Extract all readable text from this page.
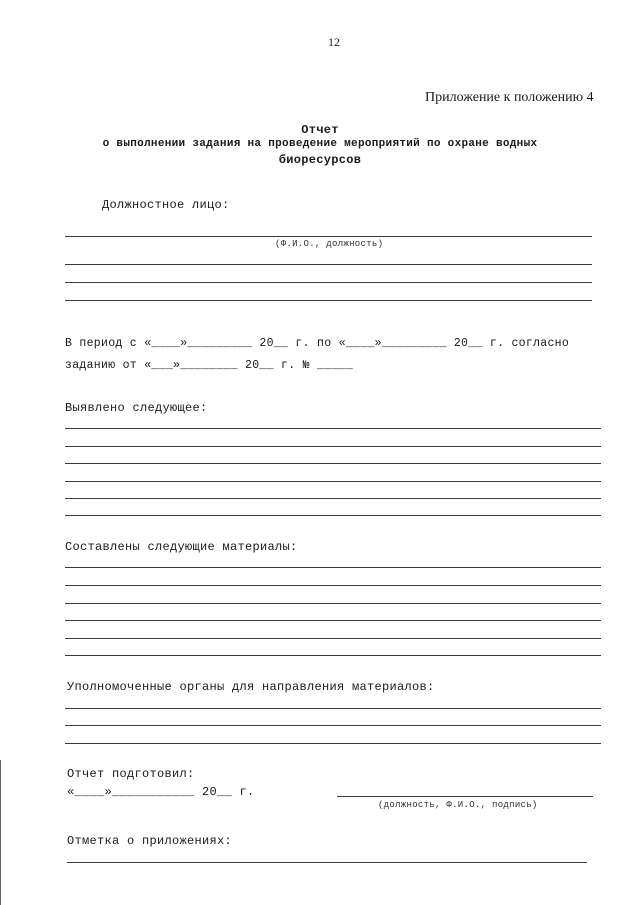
12
Приложение к положению 4
Отчет
о выполнении задания на проведение мероприятий по охране водных
биоресурсов
Должностное лицо:
(Ф.И.О., должность)
В период с «____»_________ 20__ г. по «____»_________ 20__ г. согласно
заданию от «___»________ 20__ г. № _____
Выявлено следующее:
Составлены следующие материалы:
Уполномоченные органы для направления материалов:
Отчет подготовил:
«____»___________ 20__ г.
(должность, Ф.И.О., подпись)
Отметка о приложениях:
